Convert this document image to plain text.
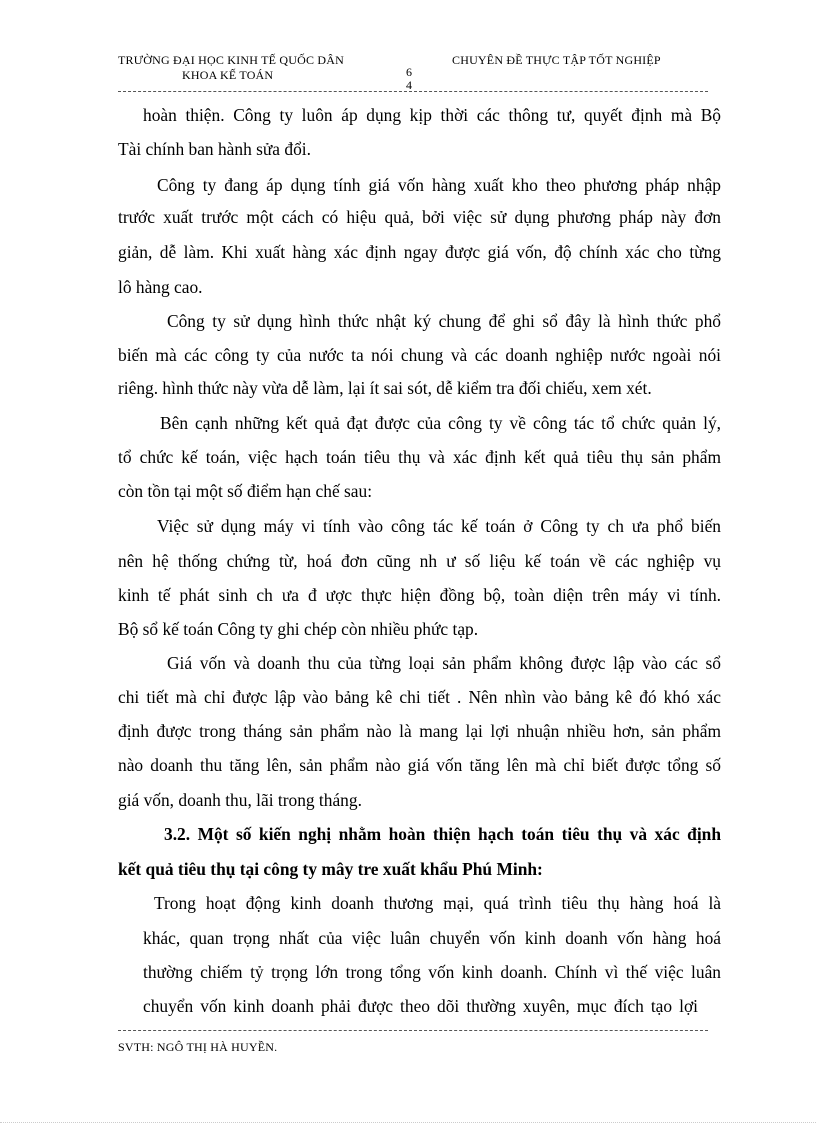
TRƯỜNG ĐẠI HỌC KINH TẾ QUỐC DÂN
KHOA KẾ TOÁN	6
4
CHUYÊN ĐỀ THỰC TẬP TỐT NGHIỆP
hoàn thiện. Công ty luôn áp dụng kịp thời các thông tư, quyết định mà Bộ
Tài chính ban hành sửa đổi.
Công ty đang áp dụng tính giá vốn hàng xuất kho theo phương pháp nhập
trước xuất trước một cách có hiệu quả, bởi việc sử dụng phương pháp này đơn
giản, dễ làm. Khi xuất hàng xác định ngay được giá vốn, độ chính xác cho từng
lô hàng cao.
Công ty sử dụng hình thức nhật ký chung để ghi sổ đây là hình thức phổ
biến mà các công ty của nước ta nói chung và các doanh nghiệp nước ngoài nói
riêng. hình thức này vừa dễ làm, lại ít sai sót, dễ kiểm tra đối chiếu, xem xét.
Bên cạnh những kết quả đạt được của công ty về công tác tổ chức quản lý,
tổ chức kế toán, việc hạch toán tiêu thụ và xác định kết quả tiêu thụ sản phẩm
còn tồn tại một số điểm hạn chế sau:
Việc sử dụng máy vi tính vào công tác kế toán ở Công ty ch ưa phổ biến
nên hệ thống chứng từ, hoá đơn cũng nh ư số liệu kế toán về các nghiệp vụ
kinh tế phát sinh ch ưa đ ược thực hiện đồng bộ, toàn diện trên máy vi tính.
Bộ sổ kế toán Công ty ghi chép còn nhiều phức tạp.
Giá vốn và doanh thu của từng loại sản phẩm không được lập vào các sổ
chi tiết mà chỉ được lập vào bảng kê chi tiết . Nên nhìn vào bảng kê đó khó xác
định được trong tháng sản phẩm nào là mang lại lợi nhuận nhiều hơn, sản phẩm
nào doanh thu tăng lên, sản phẩm nào giá vốn tăng lên mà chỉ biết được tổng số
giá vốn, doanh thu, lãi trong tháng.
3.2. Một số kiến nghị nhằm hoàn thiện hạch toán tiêu thụ và xác định
kết quả tiêu thụ tại công ty mây tre xuất khẩu Phú Minh:
Trong hoạt động kinh doanh thương mại, quá trình tiêu thụ hàng hoá là
khác, quan trọng nhất của việc luân chuyển vốn kinh doanh vốn hàng hoá
thường chiếm tỷ trọng lớn trong tổng vốn kinh doanh. Chính vì thế việc luân
chuyển vốn kinh doanh phải được theo dõi thường xuyên, mục đích tạo lợi
SVTH: NGÔ THỊ HÀ HUYỀN.
